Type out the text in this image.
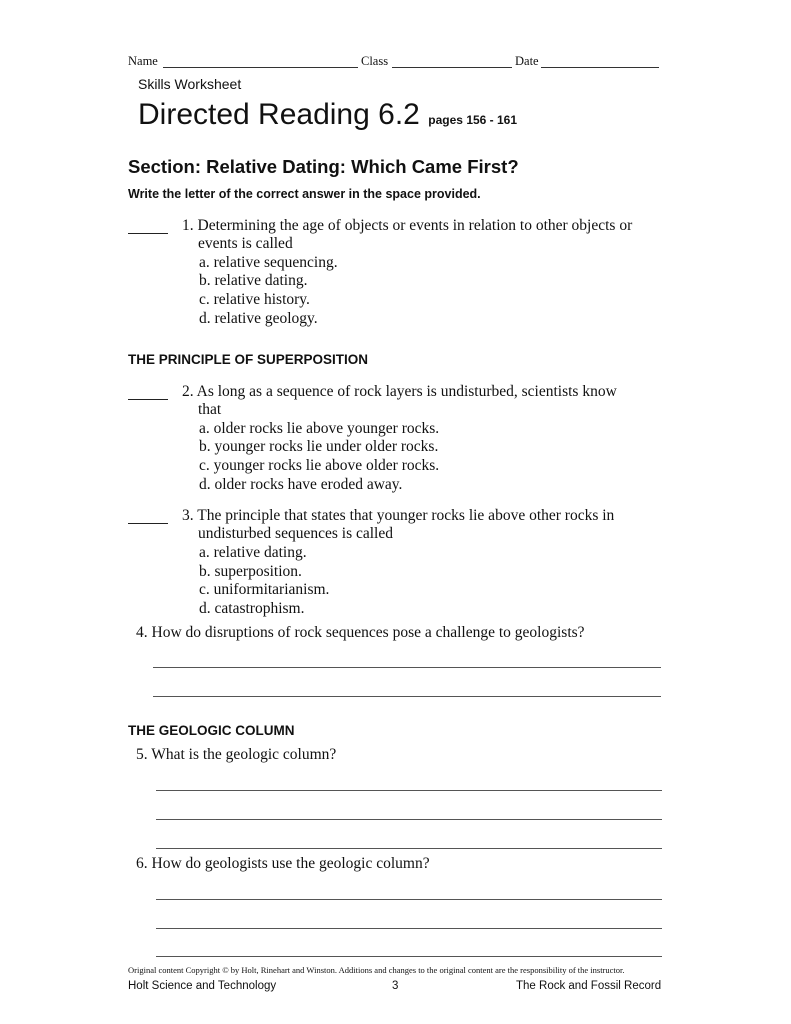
Name	Class	Date
Skills Worksheet
Directed Reading 6.2 pages 156 - 161
Section: Relative Dating: Which Came First?
Write the letter of the correct answer in the space provided.
1. Determining the age of objects or events in relation to other objects or
events is called
a. relative sequencing.
b. relative dating.
c. relative history.
d. relative geology.
THE PRINCIPLE OF SUPERPOSITION
2. As long as a sequence of rock layers is undisturbed, scientists know
that
a. older rocks lie above younger rocks.
b. younger rocks lie under older rocks.
c. younger rocks lie above older rocks.
d. older rocks have eroded away.
3. The principle that states that younger rocks lie above other rocks in
undisturbed sequences is called
a. relative dating.
b. superposition.
c. uniformitarianism.
d. catastrophism.
4. How do disruptions of rock sequences pose a challenge to geologists?
THE GEOLOGIC COLUMN
5. What is the geologic column?
6. How do geologists use the geologic column?
Original content Copyright © by Holt, Rinehart and Winston. Additions and changes to the original content are the responsibility of the instructor.
Holt Science and Technology	3	The Rock and Fossil Record
